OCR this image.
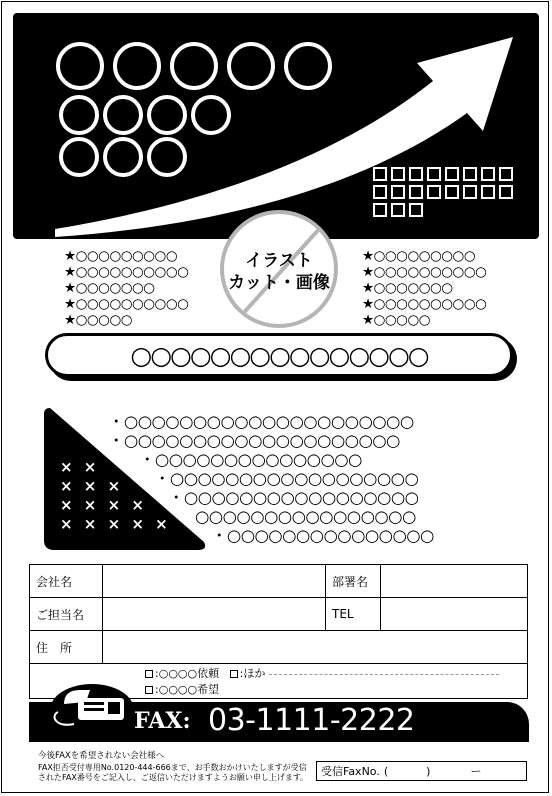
★○○○○○○○○○
★○○○○○○○○○○
★○○○○○○○
★○○○○○○○○○○
★○○○○○
★○○○○○○○○○
★○○○○○○○○○○
★○○○○○○○
★○○○○○○○○○○
★○○○○○
イラスト
カット・画像
○○○○○○○○○○○○○○○
× ×
× × ×
× × × ×
× × × × ×
・○○○○○○○○○○○○○○○○○○○○○
・○○○○○○○○○○○○○○○○○○○○
・○○○○○○○○○○○○○○○
・○○○○○○○○○○○○○○○○○○
・○○○○○○○○○○○○○○○○○
○○○○○○○○○○○○○○○○
・○○○○○○○○○○○○○○○
会社名		部署名	
ご担当名		TEL	
住　所			

:○○○○依頼 :ほか
:○○○○希望			
FAX: 03-1111-2222
今後FAXを希望されない会社様へ
FAX拒否受付専用No.0120-444-666まで、お手数おかけいたしますが受信
されたFAX番号をご記入し、ご返信いただけますようお願い申し上げます。 受信FaxNo. (	)	ー
